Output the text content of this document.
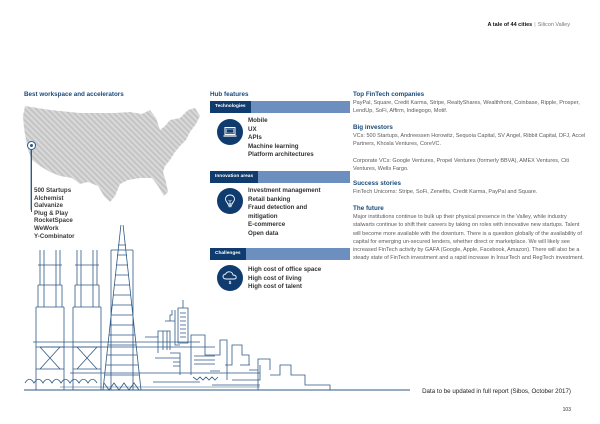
A tale of 44 cities | Silicon Valley
Best workspace and accelerators
500 Startups
Alchemist
Galvanize
Plug & Play
RocketSpace
WeWork
Y-Combinator
Hub features
Technologies
Mobile
UX
APIs
Machine learning
Platform architectures
Innovation areas
Investment management
Retail banking
Fraud detection and
mitigation
E-commerce
Open data
Challenges
$
High cost of office space
High cost of living
High cost of talent
Top FinTech companies
PayPal, Square, Credit Karma, Stripe, RealtyShares, Wealthfront, Coinbase, Ripple, Prosper, LendUp, SoFi, Affirm, Indiegogo, Motif.
Big investors
VCs: 500 Startups, Andreessen Horowitz, Sequoia Capital, SV Angel, Ribbit Capital, DFJ, Accel Partners, Khosla Ventures, CoreVC.
Corporate VCs: Google Ventures, Propel Ventures (formerly BBVA), AMEX Ventures, Citi Ventures, Wells Fargo.
Success stories
FinTech Unicorns: Stripe, SoFi, Zenefits, Credit Karma, PayPal and Square.
The future
Major institutions continue to bulk up their physical presence in the Valley, while industry stalwarts continue to shift their careers by taking on roles with innovative new startups. Talent will become more available with the downturn. There is a question globally of the availability of capital for emerging un-secured lenders, whether direct or marketplace. We will likely see increased FinTech activity by GAFA (Google, Apple, Facebook, Amazon). There will also be a steady state of FinTech investment and a rapid increase in InsurTech and RegTech investment.
Data to be updated in full report (Sibos, October 2017)
103
